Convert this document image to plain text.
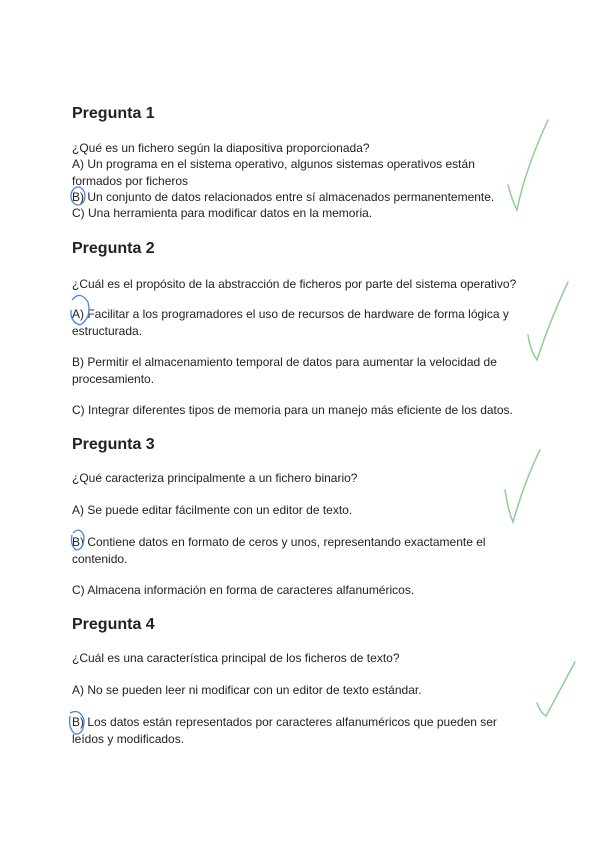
Pregunta 1
¿Qué es un fichero según la diapositiva proporcionada?
A) Un programa en el sistema operativo, algunos sistemas operativos están formados por ficheros
B) Un conjunto de datos relacionados entre sí almacenados permanentemente.
C) Una herramienta para modificar datos en la memoria.
Pregunta 2
¿Cuál es el propósito de la abstracción de ficheros por parte del sistema operativo?
A) Facilitar a los programadores el uso de recursos de hardware de forma lógica y estructurada.
B) Permitir el almacenamiento temporal de datos para aumentar la velocidad de procesamiento.
C) Integrar diferentes tipos de memoria para un manejo más eficiente de los datos.
Pregunta 3
¿Qué caracteriza principalmente a un fichero binario?
A) Se puede editar fácilmente con un editor de texto.
B) Contiene datos en formato de ceros y unos, representando exactamente el contenido.
C) Almacena información en forma de caracteres alfanuméricos.
Pregunta 4
¿Cuál es una característica principal de los ficheros de texto?
A) No se pueden leer ni modificar con un editor de texto estándar.
B) Los datos están representados por caracteres alfanuméricos que pueden ser leídos y modificados.
